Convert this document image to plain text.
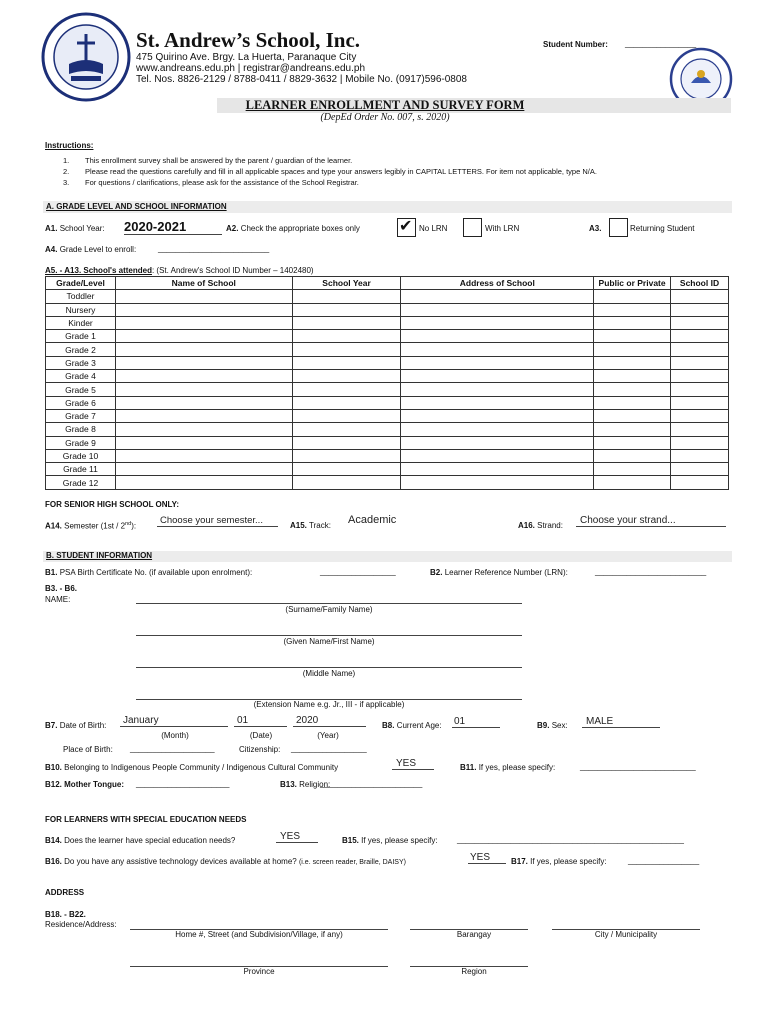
St. Andrew’s School, Inc.
475 Quirino Ave. Brgy. La Huerta, Paranaque City
www.andreans.edu.ph | registrar@andreans.edu.ph
Tel. Nos. 8826-2129 / 8788-0411 / 8829-3632 | Mobile No. (0917)596-0808
Student Number: ________________
LEARNER ENROLLMENT AND SURVEY FORM
(DepEd Order No. 007, s. 2020)
Instructions:
1. This enrollment survey shall be answered by the parent / guardian of the learner.
2. Please read the questions carefully and fill in all applicable spaces and type your answers legibly in CAPITAL LETTERS. For item not applicable, type N/A.
3. For questions / clarifications, please ask for the assistance of the School Registrar.
A. GRADE LEVEL AND SCHOOL INFORMATION
A1. School Year: 2020-2021	A2. Check the appropriate boxes only ✔ No LRN	With LRN	A3.	Returning Student
A4. Grade Level to enroll:	_________________________
A5. - A13. School's attended: (St. Andrew's School ID Number – 1402480)
Grade/Level	Name of School	School Year	Address of School	Public or Private	School ID
Toddler					
Nursery					
Kinder					
Grade 1					
Grade 2					
Grade 3					
Grade 4					
Grade 5					
Grade 6					
Grade 7					
Grade 8					
Grade 9					
Grade 10					
Grade 11					
Grade 12					
FOR SENIOR HIGH SCHOOL ONLY:
A14. Semester (1st / 2nd):
Choose your semester...	A15. Track: Academic	A16. Strand:	Choose your strand...
B. STUDENT INFORMATION
B1. PSA Birth Certificate No. (if available upon enrolment):	_________________	B2. Learner Reference Number (LRN):	_________________________
B3. - B6.
NAME:
(Surname/Family Name)
(Given Name/First Name)
(Middle Name)
(Extension Name e.g. Jr., III - if applicable)
B7. Date of Birth:	January
(Month)
01
(Date)
2020
(Year)
B8. Current Age: 01	B9. Sex:	MALE
Place of Birth: ___________________	Citizenship: _________________
B10. Belonging to Indigenous People Community / Indigenous Cultural Community	YES	B11. If yes, please specify:	__________________________
B12. Mother Tongue: _____________________	B13. Religion:
_______________________
FOR LEARNERS WITH SPECIAL EDUCATION NEEDS
B14. Does the learner have special education needs?	YES	B15. If yes, please specify: ___________________________________________________
B16. Do you have any assistive technology devices available at home? (i.e. screen reader, Braille, DAISY)	YES	B17. If yes, please specify:	________________
ADDRESS
B18. - B22.
Residence/Address:
Home #, Street (and Subdivision/Village, if any)	Barangay	City / Municipality
Province	Region
